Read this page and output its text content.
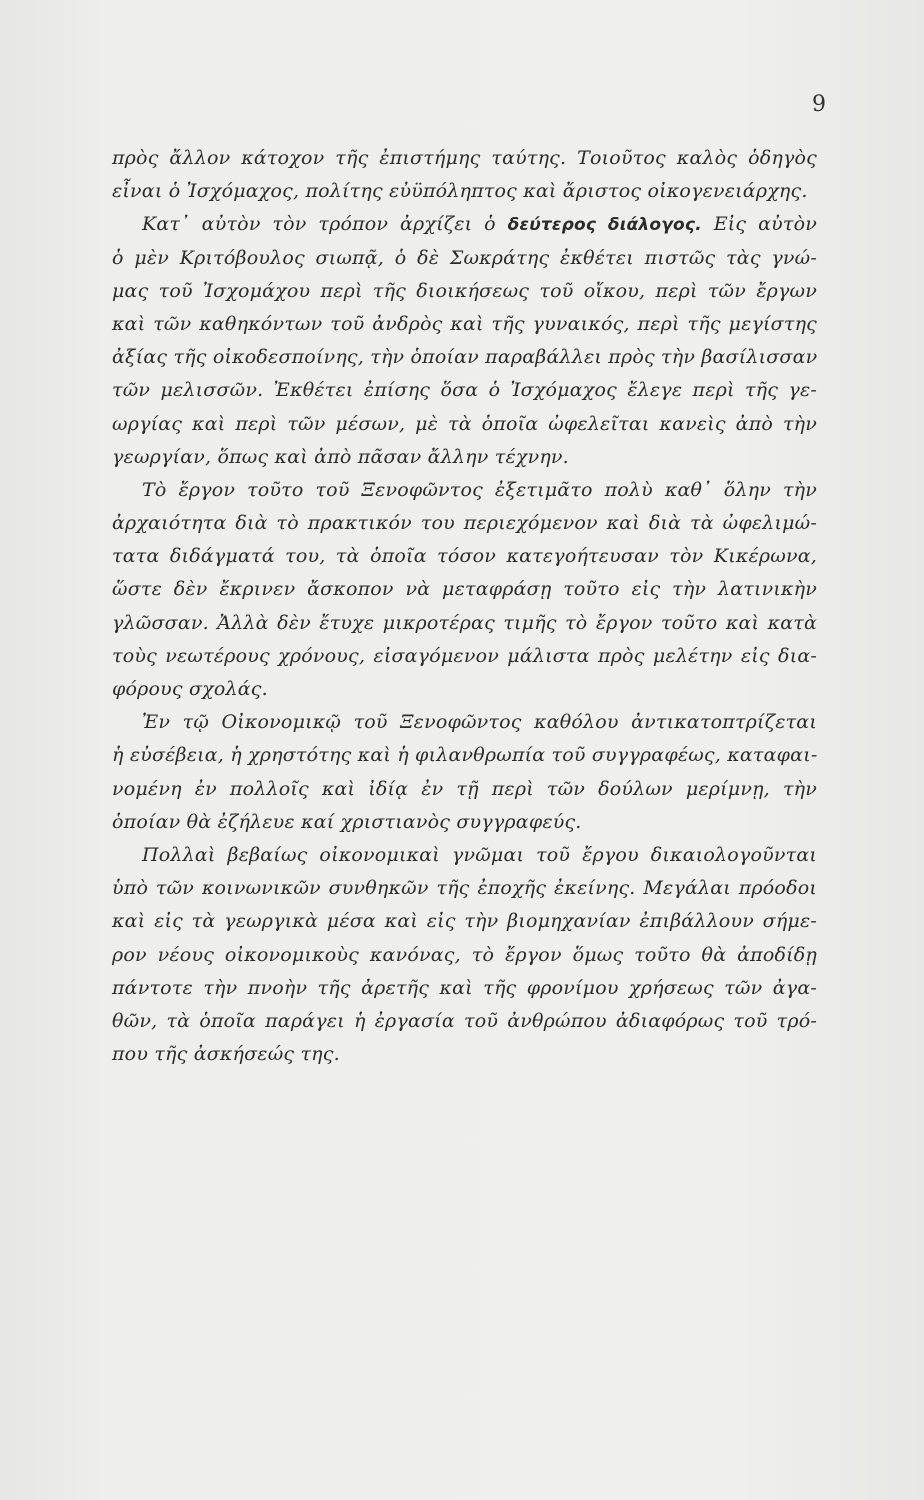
9
πρὸς ἄλλον κάτοχον τῆς ἐπιστήμης ταύτης. Τοιοῦτος καλὸς ὁδηγὸς
εἶναι ὁ Ἰσχόμαχος, πολίτης εὐϋπόληπτος καὶ ἄριστος οἰκογενειάρχης.
Κατ᾽ αὐτὸν τὸν τρόπον ἀρχίζει ὁ δεύτερος διάλογος. Εἰς αὐτὸν
ὁ μὲν Κριτόβουλος σιωπᾷ, ὁ δὲ Σωκράτης ἐκθέτει πιστῶς τὰς γνώ-
μας τοῦ Ἰσχομάχου περὶ τῆς διοικήσεως τοῦ οἴκου, περὶ τῶν ἔργων
καὶ τῶν καθηκόντων τοῦ ἀνδρὸς καὶ τῆς γυναικός, περὶ τῆς μεγίστης
ἀξίας τῆς οἰκοδεσποίνης, τὴν ὁποίαν παραβάλλει πρὸς τὴν βασίλισσαν
τῶν μελισσῶν. Ἐκθέτει ἐπίσης ὅσα ὁ Ἰσχόμαχος ἔλεγε περὶ τῆς γε-
ωργίας καὶ περὶ τῶν μέσων, μὲ τὰ ὁποῖα ὠφελεῖται κανεὶς ἀπὸ τὴν
γεωργίαν, ὅπως καὶ ἀπὸ πᾶσαν ἄλλην τέχνην.
Τὸ ἔργον τοῦτο τοῦ Ξενοφῶντος ἐξετιμᾶτο πολὺ καθ᾽ ὅλην τὴν
ἀρχαιότητα διὰ τὸ πρακτικόν του περιεχόμενον καὶ διὰ τὰ ὠφελιμώ-
τατα διδάγματά του, τὰ ὁποῖα τόσον κατεγοήτευσαν τὸν Κικέρωνα,
ὥστε δὲν ἔκρινεν ἄσκοπον νὰ μεταφράσῃ τοῦτο εἰς τὴν λατινικὴν
γλῶσσαν. Ἀλλὰ δὲν ἔτυχε μικροτέρας τιμῆς τὸ ἔργον τοῦτο καὶ κατὰ
τοὺς νεωτέρους χρόνους, εἰσαγόμενον μάλιστα πρὸς μελέτην εἰς δια-
φόρους σχολάς.
Ἐν τῷ Οἰκονομικῷ τοῦ Ξενοφῶντος καθόλου ἀντικατοπτρίζεται
ἡ εὐσέβεια, ἡ χρηστότης καὶ ἡ φιλανθρωπία τοῦ συγγραφέως, καταφαι-
νομένη ἐν πολλοῖς καὶ ἰδίᾳ ἐν τῇ περὶ τῶν δούλων μερίμνῃ, τὴν
ὁποίαν θὰ ἐζήλευε καί χριστιανὸς συγγραφεύς.
Πολλαὶ βεβαίως οἰκονομικαὶ γνῶμαι τοῦ ἔργου δικαιολογοῦνται
ὑπὸ τῶν κοινωνικῶν συνθηκῶν τῆς ἐποχῆς ἐκείνης. Μεγάλαι πρόοδοι
καὶ εἰς τὰ γεωργικὰ μέσα καὶ εἰς τὴν βιομηχανίαν ἐπιβάλλουν σήμε-
ρον νέους οἰκονομικοὺς κανόνας, τὸ ἔργον ὅμως τοῦτο θὰ ἀποδίδῃ
πάντοτε τὴν πνοὴν τῆς ἀρετῆς καὶ τῆς φρονίμου χρήσεως τῶν ἀγα-
θῶν, τὰ ὁποῖα παράγει ἡ ἐργασία τοῦ ἀνθρώπου ἀδιαφόρως τοῦ τρό-
που τῆς ἀσκήσεώς της.
